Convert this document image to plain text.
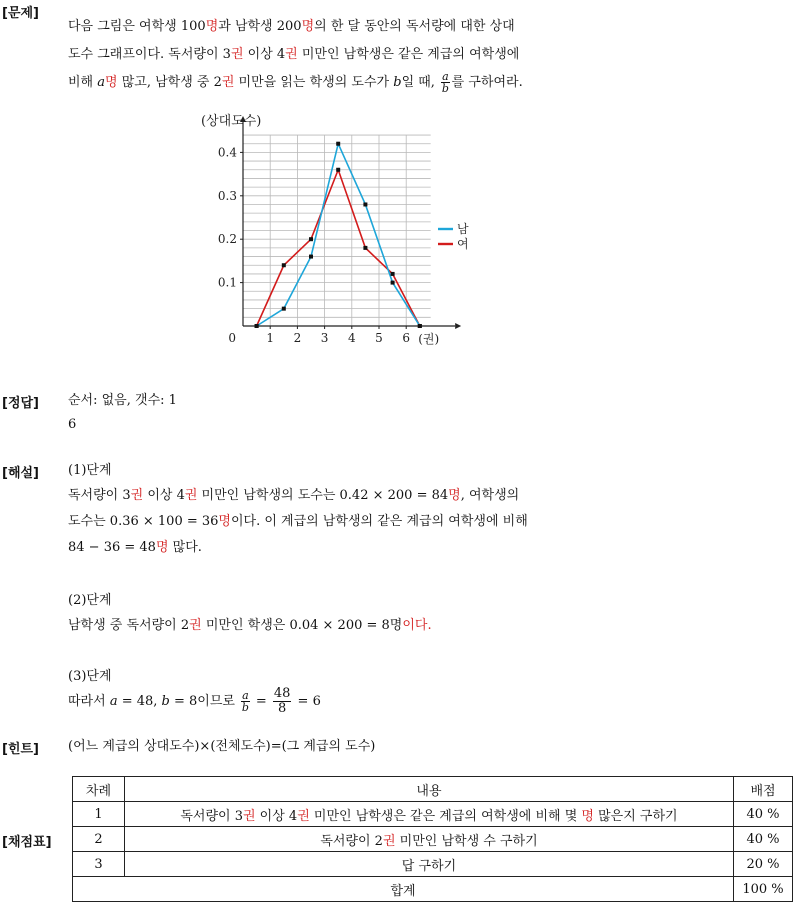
[문제]
다음 그림은 여학생 100명과 남학생 200명의 한 달 동안의 독서량에 대한 상대
도수 그래프이다. 독서량이 3권 이상 4권 미만인 남학생은 같은 계급의 여학생에
비해 a명 많고, 남학생 중 2권 미만을 읽는 학생의 도수가 b일 때, $\frac{a}{b}$ 를 구하여라.
0.1
0.2
0.3
0.4
1 2 3 4 5 6
0	(권)
(상대도수)
남
여
[정답] 순서: 없음, 갯수: 1
6
[해설] (1)단계
독서량이 3권 이상 4권 미만인 남학생의 도수는 0.42 × 200 = 84명, 여학생의
도수는 0.36 × 100 = 36명이다. 이 계급의 남학생의 같은 계급의 여학생에 비해
84 − 36 = 48명 많다.
(2)단계
남학생 중 독서량이 2권 미만인 학생은 0.04 × 200 = 8명이다.
(3)단계
따라서 a = 48, b = 8이므로 $\frac{a}{b} = \frac{48}{8} = 6$
[힌트] (어느 계급의 상대도수)×(전체도수)=(그 계급의 도수)
[채점표]
차례	내용	배점
1	독서량이 3권 이상 4권 미만인 남학생은 같은 계급의 여학생에 비해 몇 명 많은지 구하기	40 %
2	독서량이 2권 미만인 남학생 수 구하기	40 %
3	답 구하기	20 %
합계		100 %
